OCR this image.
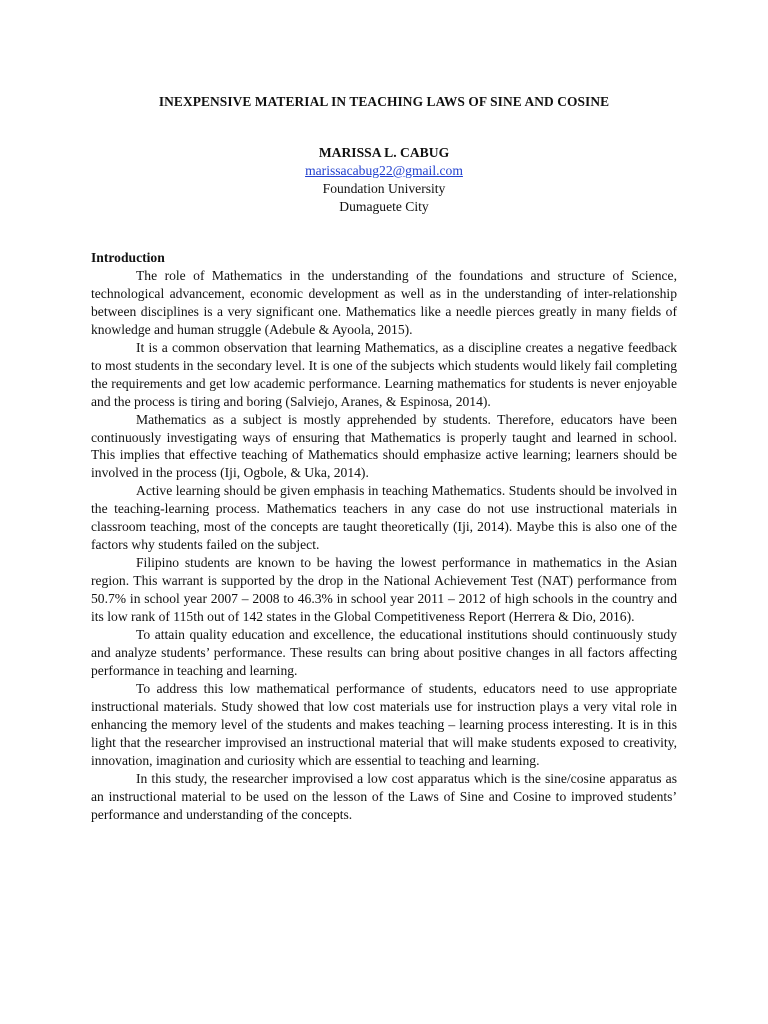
INEXPENSIVE MATERIAL IN TEACHING LAWS OF SINE AND COSINE
MARISSA L. CABUG
marissacabug22@gmail.com
Foundation University
Dumaguete City

Introduction

The role of Mathematics in the understanding of the foundations and structure of Science, technological advancement, economic development as well as in the understanding of inter-relationship between disciplines is a very significant one. Mathematics like a needle pierces greatly in many fields of knowledge and human struggle (Adebule & Ayoola, 2015).

It is a common observation that learning Mathematics, as a discipline creates a negative feedback to most students in the secondary level. It is one of the subjects which students would likely fail completing the requirements and get low academic performance. Learning mathematics for students is never enjoyable and the process is tiring and boring (Salviejo, Aranes, & Espinosa, 2014).

Mathematics as a subject is mostly apprehended by students. Therefore, educators have been continuously investigating ways of ensuring that Mathematics is properly taught and learned in school. This implies that effective teaching of Mathematics should emphasize active learning; learners should be involved in the process (Iji, Ogbole, & Uka, 2014).

Active learning should be given emphasis in teaching Mathematics. Students should be involved in the teaching-learning process. Mathematics teachers in any case do not use instructional materials in classroom teaching, most of the concepts are taught theoretically (Iji, 2014). Maybe this is also one of the factors why students failed on the subject.

Filipino students are known to be having the lowest performance in mathematics in the Asian region. This warrant is supported by the drop in the National Achievement Test (NAT) performance from 50.7% in school year 2007 – 2008 to 46.3% in school year 2011 – 2012 of high schools in the country and its low rank of 115th out of 142 states in the Global Competitiveness Report (Herrera & Dio, 2016).

To attain quality education and excellence, the educational institutions should continuously study and analyze students’ performance. These results can bring about positive changes in all factors affecting performance in teaching and learning.

To address this low mathematical performance of students, educators need to use appropriate instructional materials. Study showed that low cost materials use for instruction plays a very vital role in enhancing the memory level of the students and makes teaching – learning process interesting. It is in this light that the researcher improvised an instructional material that will make students exposed to creativity, innovation, imagination and curiosity which are essential to teaching and learning.

In this study, the researcher improvised a low cost apparatus which is the sine/cosine apparatus as an instructional material to be used on the lesson of the Laws of Sine and Cosine to improved students’ performance and understanding of the concepts.
